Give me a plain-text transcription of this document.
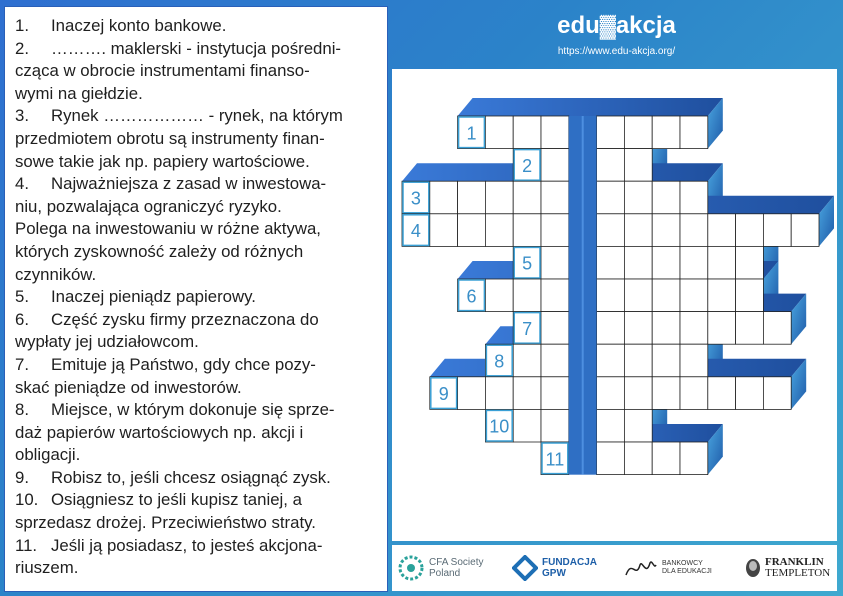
1. Inaczej konto bankowe.
2. ………. maklerski - instytucja pośredni-
cząca w obrocie instrumentami finanso-
wymi na giełdzie.
3. Rynek ……………… - rynek, na którym
przedmiotem obrotu są instrumenty finan-
sowe takie jak np. papiery wartościowe.
4. Najważniejsza z zasad w inwestowa-
niu, pozwalająca ograniczyć ryzyko.
Polega na inwestowaniu w różne aktywa,
których zyskowność zależy od różnych
czynników.
5. Inaczej pieniądz papierowy.
6. Część zysku firmy przeznaczona do
wypłaty jej udziałowcom.
7. Emituje ją Państwo, gdy chce pozy-
skać pieniądze od inwestorów.
8. Miejsce, w którym dokonuje się sprze-
daż papierów wartościowych np. akcji i
obligacji.
9. Robisz to, jeśli chcesz osiągnąć zysk.
10. Osiągniesz to jeśli kupisz taniej, a
sprzedasz drożej. Przeciwieństwo straty.
11. Jeśli ją posiadasz, to jesteś akcjona-
riuszem.
edu▓akcja
https://www.edu-akcja.org/
1
2
3
4
5
6
7
8
9
10
11
CFA Society
Poland
FUNDACJA
GPW
BANKOWCY
DLA EDUKACJI
FRANKLIN
TEMPLETON
